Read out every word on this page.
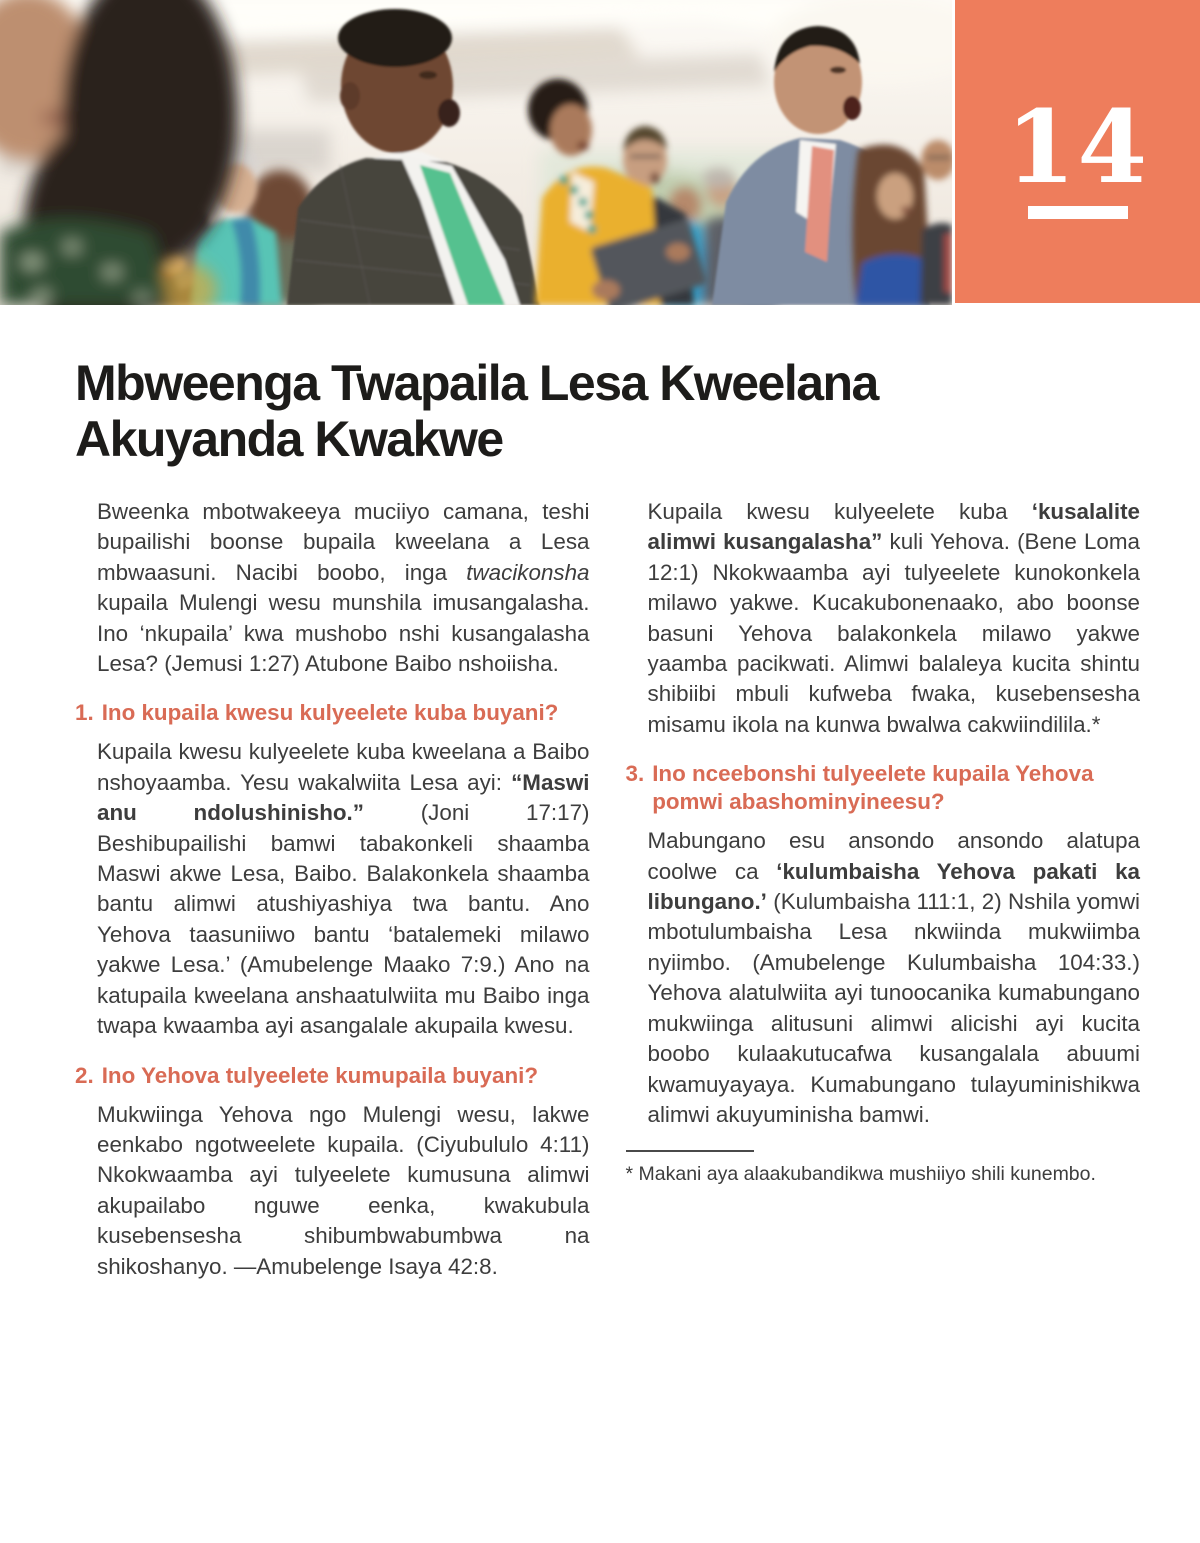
14
Mbweenga Twapaila Lesa Kweelana
Akuyanda Kwakwe

Bweenka mbotwakeeya muciiyo camana, teshi bupailishi boonse bupaila kweelana a Lesa mbwaasuni. Nacibi boobo, inga twacikonsha kupaila Mulengi wesu munshila imusangalasha. Ino ‘nkupaila’ kwa mushobo nshi kusangalasha Lesa? (Jemusi 1:27) Atubone Baibo nshoiisha.

1. Ino kupaila kwesu kulyeelete kuba buyani?

Kupaila kwesu kulyeelete kuba kweelana a Baibo nshoyaamba. Yesu wakalwiita Lesa ayi: “Maswi anu ndolushinisho.” (Joni 17:17) Beshibupailishi bamwi tabakonkeli shaamba Maswi akwe Lesa, Baibo. Balakonkela shaamba bantu alimwi atushiyashiya twa bantu. Ano Yehova taasuniiwo bantu ‘batalemeki milawo yakwe Lesa.’ (Amubelenge Maako 7:9.) Ano na katupaila kweelana anshaatulwiita mu Baibo inga twapa kwaamba ayi asangalale akupaila kwesu.

2. Ino Yehova tulyeelete kumupaila buyani?

Mukwiinga Yehova ngo Mulengi wesu, lakwe eenkabo ngotweelete kupaila. (Ciyubululo 4:11) Nkokwaamba ayi tulyeelete kumusuna alimwi akupailabo nguwe eenka, kwakubula kusebensesha shibumbwabumbwa na shikoshanyo. —Amubelenge Isaya 42:8.

Kupaila kwesu kulyeelete kuba ‘kusalalite alimwi kusangalasha” kuli Yehova. (Bene Loma 12:1) Nkokwaamba ayi tulyeelete kunokonkela milawo yakwe. Kucakubonenaako, abo boonse basuni Yehova balakonkela milawo yakwe yaamba pacikwati. Alimwi balaleya kucita shintu shibiibi mbuli kufweba fwaka, kusebensesha misamu ikola na kunwa bwalwa cakwiindilila.*

3. Ino nceebonshi tulyeelete kupaila Yehova pomwi abashominyineesu?

Mabungano esu ansondo ansondo alatupa coolwe ca ‘kulumbaisha Yehova pakati ka libungano.’ (Kulumbaisha 111:1, 2) Nshila yomwi mbotulumbaisha Lesa nkwiinda mukwiimba nyiimbo. (Amubelenge Kulumbaisha 104:33.) Yehova alatulwiita ayi tunoocanika kumabungano mukwiinga alitusuni alimwi alicishi ayi kucita boobo kulaakutucafwa kusangalala abuumi kwamuyayaya. Kumabungano tulayuminishikwa alimwi akuyuminisha bamwi.

* Makani aya alaakubandikwa mushiiyo shili kunembo.
